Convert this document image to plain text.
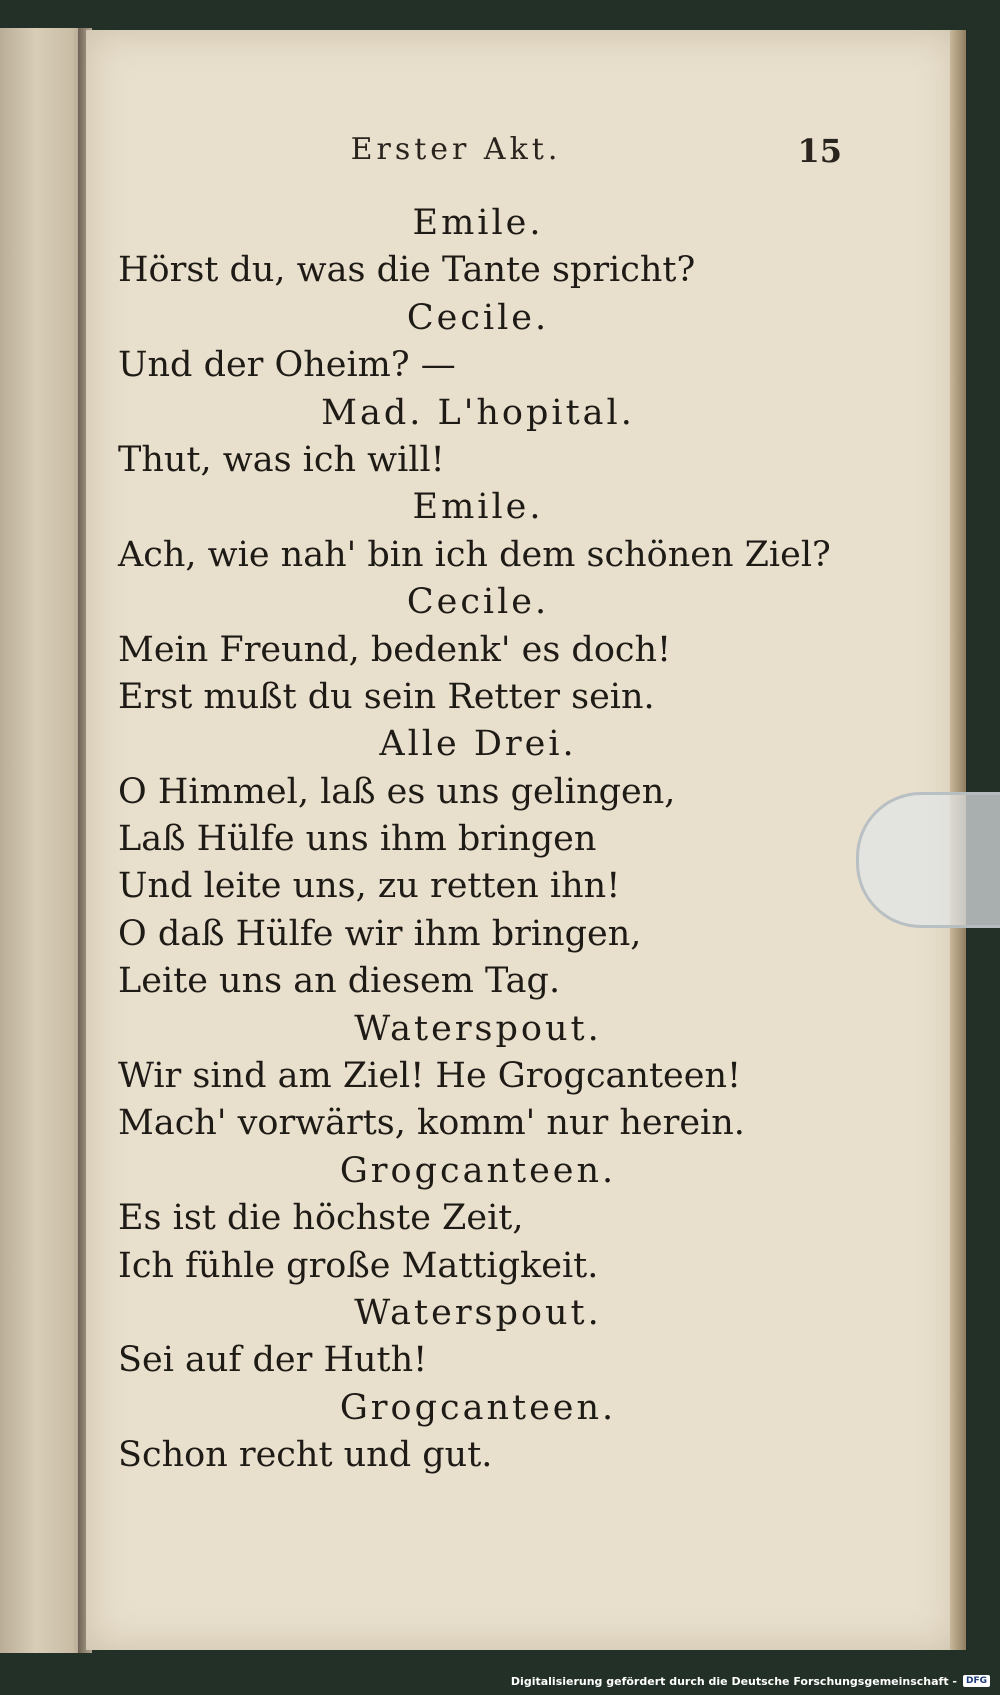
Erster Akt.	15
Emile.
Hörst du, was die Tante spricht?
Cecile.
Und der Oheim? —
Mad. L'hopital.
Thut, was ich will!
Emile.
Ach, wie nah' bin ich dem schönen Ziel?
Cecile.
Mein Freund, bedenk' es doch!
Erst mußt du sein Retter sein.
Alle Drei.
O Himmel, laß es uns gelingen,
Laß Hülfe uns ihm bringen
Und leite uns, zu retten ihn!
O daß Hülfe wir ihm bringen,
Leite uns an diesem Tag.
Waterspout.
Wir sind am Ziel! He Grogcanteen!
Mach' vorwärts, komm' nur herein.
Grogcanteen.
Es ist die höchste Zeit,
Ich fühle große Mattigkeit.
Waterspout.
Sei auf der Huth!
Grogcanteen.
Schon recht und gut.
Digitalisierung gefördert durch die Deutsche Forschungsgemeinschaft -	DFG
